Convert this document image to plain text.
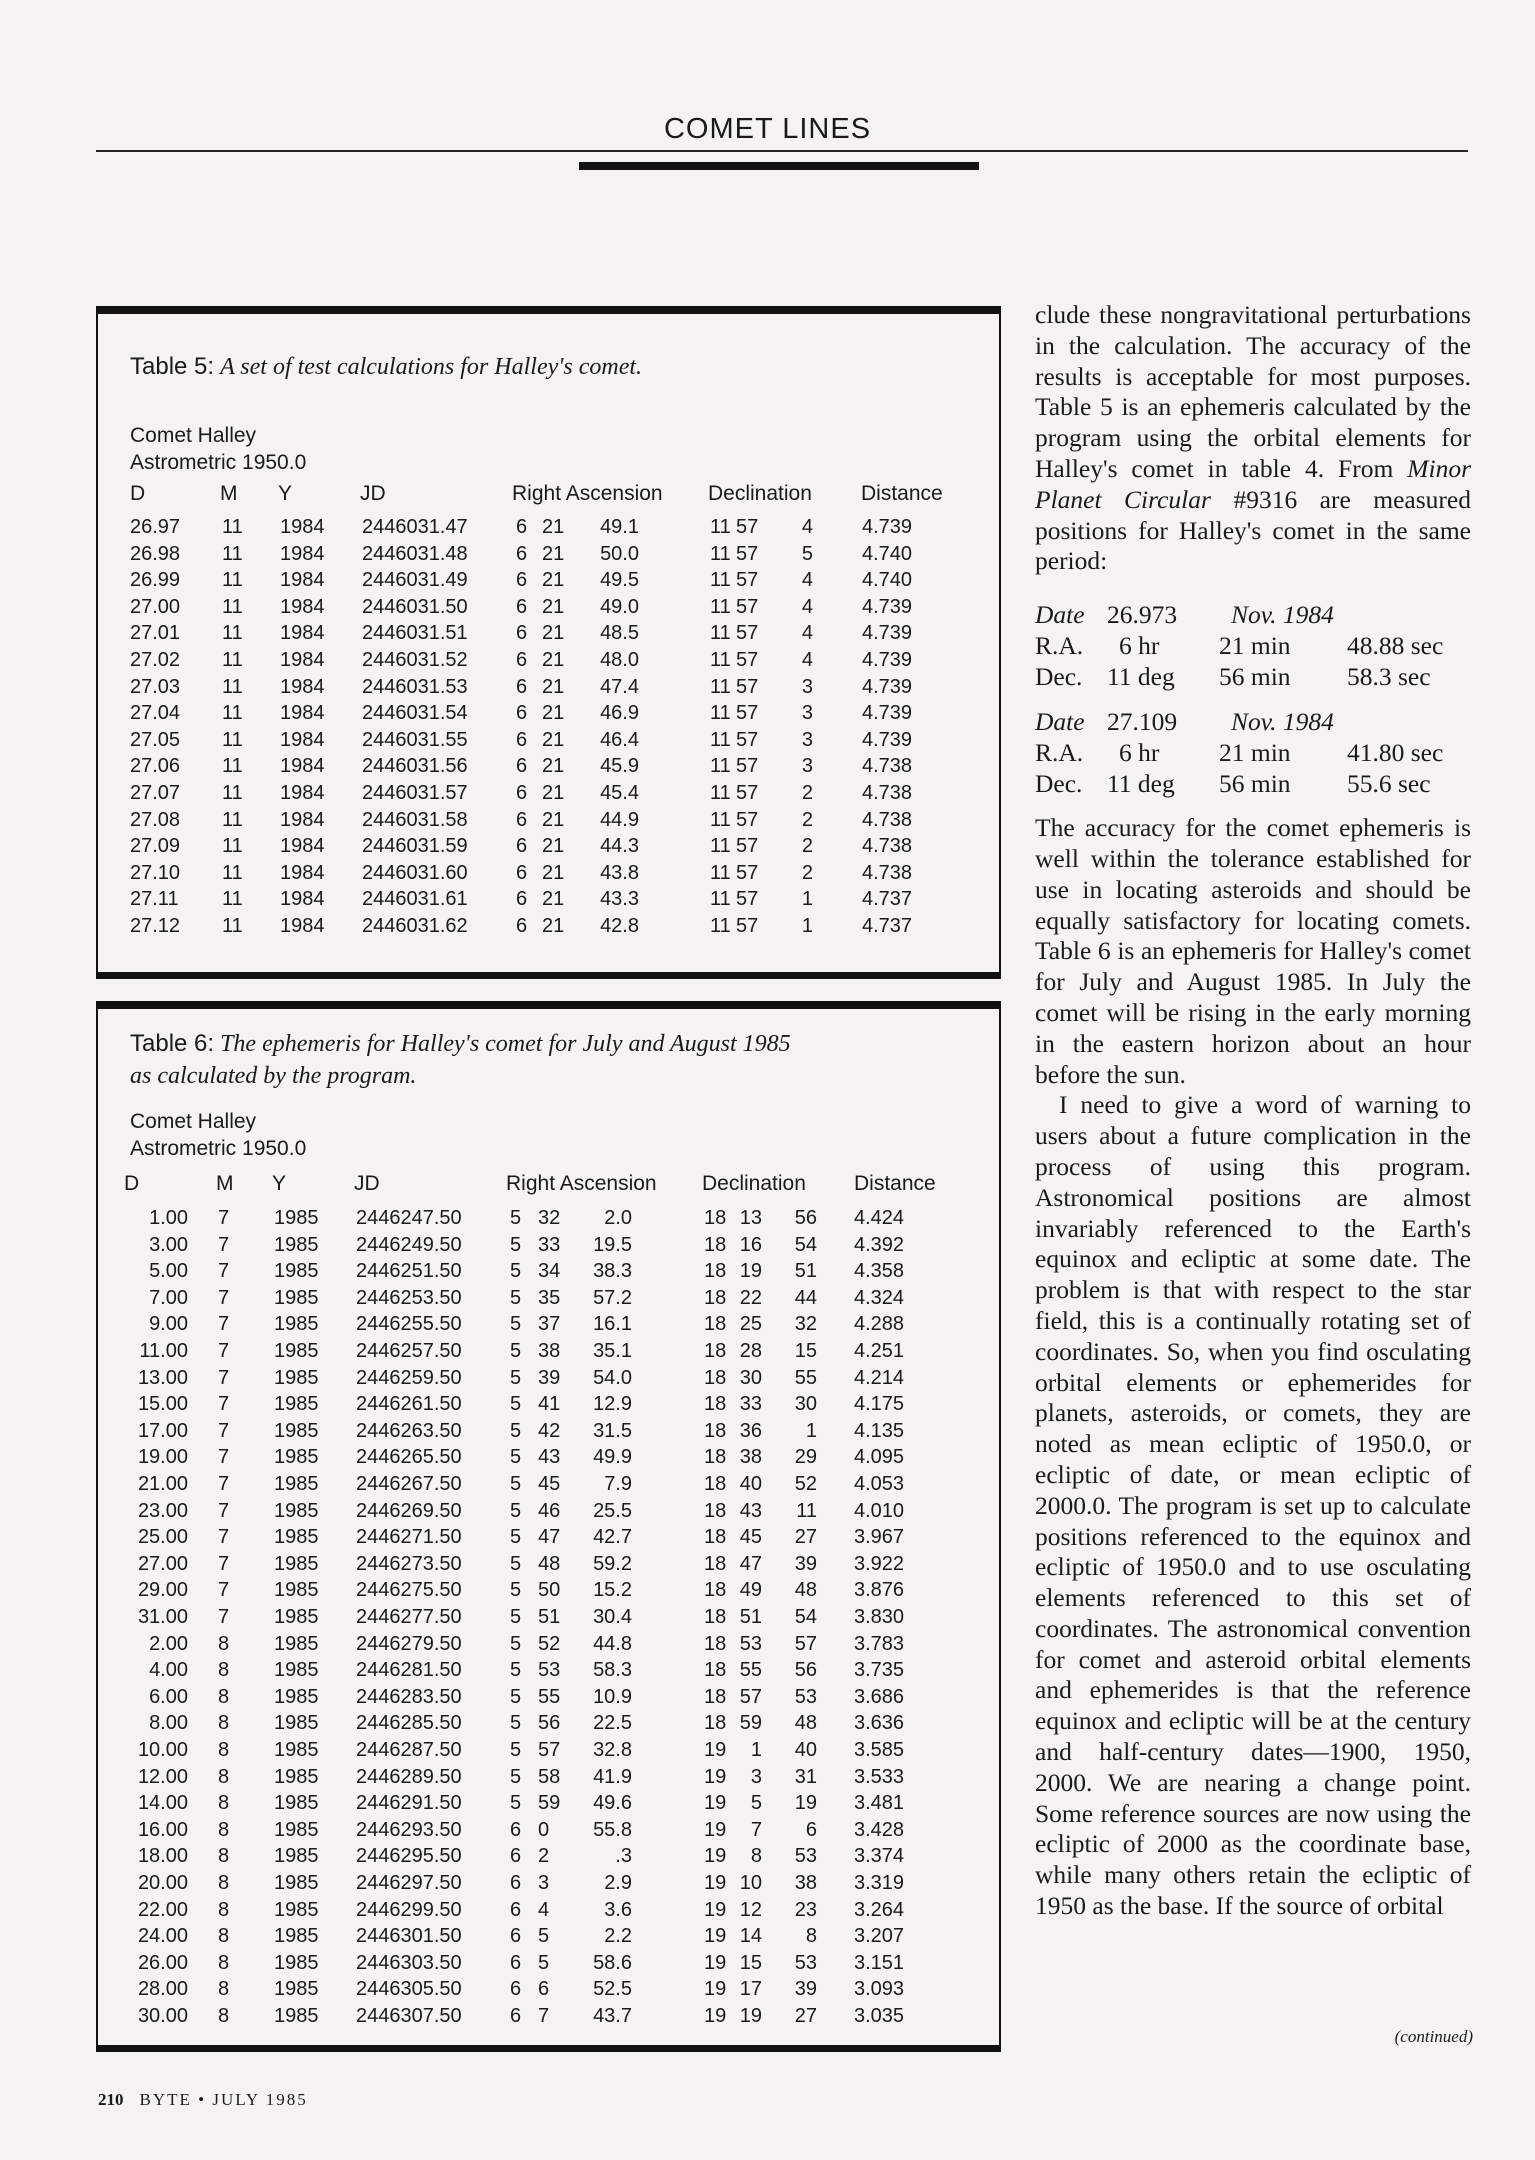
COMET LINES
Table 5: A set of test calculations for Halley's comet.
Comet Halley
Astrometric 1950.0
D	M Y	JD	Right Ascension Declination Distance
26.97 11 1984 2446031.47 6 21	49.1	11 57	4 4.739
26.98 11 1984 2446031.48 6 21	50.0	11 57	5 4.740
26.99 11 1984 2446031.49 6 21	49.5	11 57	4 4.740
27.00 11 1984 2446031.50 6 21	49.0	11 57	4 4.739
27.01 11 1984 2446031.51 6 21	48.5	11 57	4 4.739
27.02 11 1984 2446031.52 6 21	48.0	11 57	4 4.739
27.03 11 1984 2446031.53 6 21	47.4	11 57	3 4.739
27.04 11 1984 2446031.54 6 21	46.9	11 57	3 4.739
27.05 11 1984 2446031.55 6 21	46.4	11 57	3 4.739
27.06 11 1984 2446031.56 6 21	45.9	11 57	3 4.738
27.07 11 1984 2446031.57 6 21	45.4	11 57	2 4.738
27.08 11 1984 2446031.58 6 21	44.9	11 57	2 4.738
27.09 11 1984 2446031.59 6 21	44.3	11 57	2 4.738
27.10 11 1984 2446031.60 6 21	43.8	11 57	2 4.738
27.11 11 1984 2446031.61 6 21	43.3	11 57	1 4.737
27.12 11 1984 2446031.62 6 21	42.8	11 57	1 4.737
Table 6: The ephemeris for Halley's comet for July and August 1985
as calculated by the program.
Comet Halley
Astrometric 1950.0
D	M Y	JD	Right Ascension Declination Distance
1.00 7 1985 2446247.50 5 32	2.0	18 13	56 4.424
3.00 7 1985 2446249.50 5 33	19.5	18 16	54 4.392
5.00 7 1985 2446251.50 5 34	38.3	18 19	51 4.358
7.00 7 1985 2446253.50 5 35	57.2	18 22	44 4.324
9.00 7 1985 2446255.50 5 37	16.1	18 25	32 4.288
11.00 7 1985 2446257.50 5 38	35.1	18 28	15 4.251
13.00 7 1985 2446259.50 5 39	54.0	18 30	55 4.214
15.00 7 1985 2446261.50 5 41	12.9	18 33	30 4.175
17.00 7 1985 2446263.50 5 42	31.5	18 36	1 4.135
19.00 7 1985 2446265.50 5 43	49.9	18 38	29 4.095
21.00 7 1985 2446267.50 5 45	7.9	18 40	52 4.053
23.00 7 1985 2446269.50 5 46	25.5	18 43	11 4.010
25.00 7 1985 2446271.50 5 47	42.7	18 45	27 3.967
27.00 7 1985 2446273.50 5 48	59.2	18 47	39 3.922
29.00 7 1985 2446275.50 5 50	15.2	18 49	48 3.876
31.00 7 1985 2446277.50 5 51	30.4	18 51	54 3.830
2.00 8 1985 2446279.50 5 52	44.8	18 53	57 3.783
4.00 8 1985 2446281.50 5 53	58.3	18 55	56 3.735
6.00 8 1985 2446283.50 5 55	10.9	18 57	53 3.686
8.00 8 1985 2446285.50 5 56	22.5	18 59	48 3.636
10.00 8 1985 2446287.50 5 57	32.8	19	1	40 3.585
12.00 8 1985 2446289.50 5 58	41.9	19	3	31 3.533
14.00 8 1985 2446291.50 5 59	49.6	19	5	19 3.481
16.00 8 1985 2446293.50 6 0	55.8	19	7	6 3.428
18.00 8 1985 2446295.50 6 2	.3	19	8	53 3.374
20.00 8 1985 2446297.50 6 3	2.9	19 10	38 3.319
22.00 8 1985 2446299.50 6 4	3.6	19 12	23 3.264
24.00 8 1985 2446301.50 6 5	2.2	19 14	8 3.207
26.00 8 1985 2446303.50 6 5	58.6	19 15	53 3.151
28.00 8 1985 2446305.50 6 6	52.5	19 17	39 3.093
30.00 8 1985 2446307.50 6 7	43.7	19 19	27 3.035

clude these nongravitational perturbations in the calculation. The accuracy of the results is acceptable for most purposes. Table 5 is an ephemeris calculated by the program using the orbital elements for Halley's comet in table 4. From Minor Planet Circular #9316 are measured positions for Halley's comet in the same period:

Date 26.973 Nov. 1984
R.A. 6 hr 21 min 48.88 sec
Dec. 11 deg 56 min 58.3 sec
Date 27.109 Nov. 1984
R.A. 6 hr 21 min 41.80 sec
Dec. 11 deg 56 min 55.6 sec

The accuracy for the comet ephemeris is well within the tolerance established for use in locating asteroids and should be equally satisfactory for locating comets. Table 6 is an ephemeris for Halley's comet for July and August 1985. In July the comet will be rising in the early morning in the eastern horizon about an hour before the sun.

I need to give a word of warning to users about a future complication in the process of using this program. Astronomical positions are almost invariably referenced to the Earth's equinox and ecliptic at some date. The problem is that with respect to the star field, this is a continually rotating set of coordinates. So, when you find osculating orbital elements or ephemerides for planets, asteroids, or comets, they are noted as mean ecliptic of 1950.0, or ecliptic of date, or mean ecliptic of 2000.0. The program is set up to calculate positions referenced to the equinox and ecliptic of 1950.0 and to use osculating elements referenced to this set of coordinates. The astronomical convention for comet and asteroid orbital elements and ephemerides is that the reference equinox and ecliptic will be at the century and half-century dates—1900, 1950, 2000. We are nearing a change point. Some reference sources are now using the ecliptic of 2000 as the coordinate base, while many others retain the ecliptic of 1950 as the base. If the source of orbital

(continued)
210 BYTE • JULY 1985
